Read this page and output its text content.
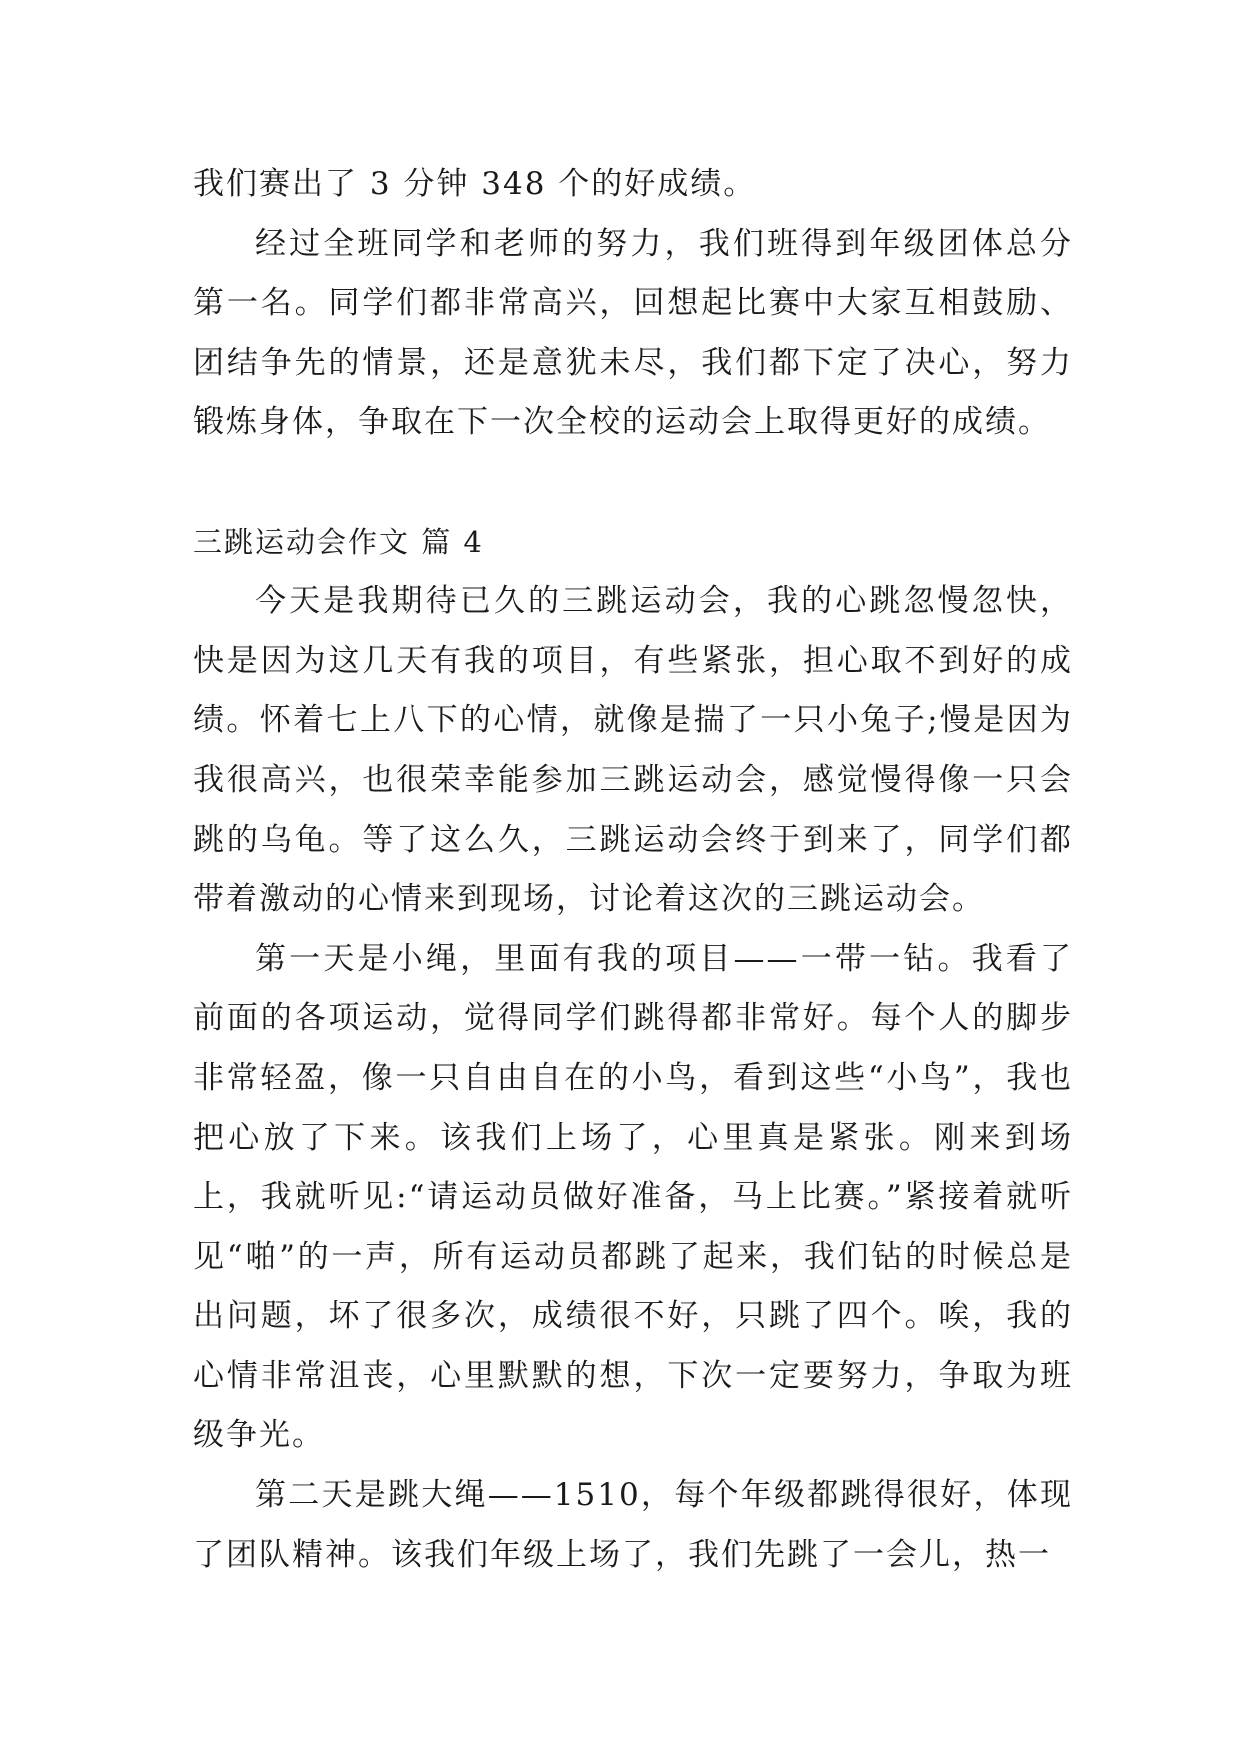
我们赛出了 3 分钟 348 个的好成绩。

经过全班同学和老师的努力，我们班得到年级团体总分第一名。同学们都非常高兴，回想起比赛中大家互相鼓励、团结争先的情景，还是意犹未尽，我们都下定了决心，努力锻炼身体，争取在下一次全校的运动会上取得更好的成绩。

三跳运动会作文 篇 4

今天是我期待已久的三跳运动会，我的心跳忽慢忽快，快是因为这几天有我的项目，有些紧张，担心取不到好的成绩。怀着七上八下的心情，就像是揣了一只小兔子;慢是因为我很高兴，也很荣幸能参加三跳运动会，感觉慢得像一只会跳的乌龟。等了这么久，三跳运动会终于到来了，同学们都带着激动的心情来到现场，讨论着这次的三跳运动会。

第一天是小绳，里面有我的项目——一带一钻。我看了前面的各项运动，觉得同学们跳得都非常好。每个人的脚步非常轻盈，像一只自由自在的小鸟，看到这些“小鸟”，我也把心放了下来。该我们上场了，心里真是紧张。刚来到场上，我就听见:“请运动员做好准备，马上比赛。”紧接着就听见“啪”的一声，所有运动员都跳了起来，我们钻的时候总是出问题，坏了很多次，成绩很不好，只跳了四个。唉，我的心情非常沮丧，心里默默的想，下次一定要努力，争取为班级争光。

第二天是跳大绳——1510，每个年级都跳得很好，体现了团队精神。该我们年级上场了，我们先跳了一会儿，热一
